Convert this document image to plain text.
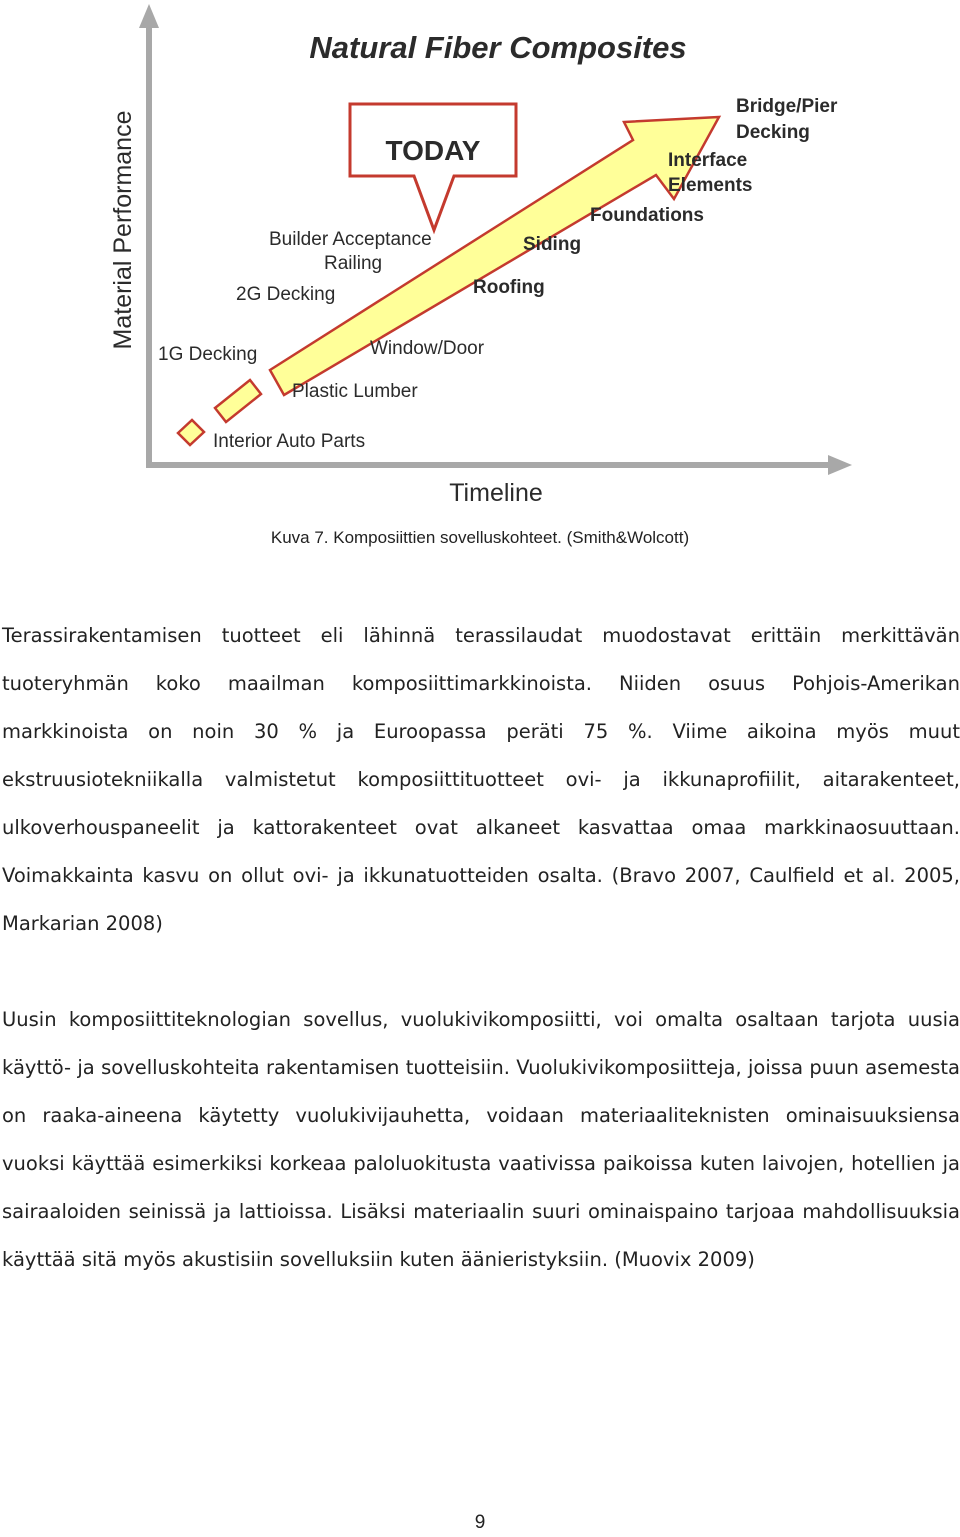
Natural Fiber Composites
Material Performance
Timeline
TODAY
Bridge/Pier
Decking
Interface
Elements
Foundations
Siding
Builder Acceptance
Railing
Roofing
2G Decking
Window/Door
1G Decking
Plastic Lumber
Interior Auto Parts
Kuva 7. Komposiittien sovelluskohteet. (Smith&Wolcott)

Terassirakentamisen tuotteet eli lähinnä terassilaudat muodostavat erittäin merkittävän tuoteryhmän koko maailman komposiittimarkkinoista. Niiden osuus Pohjois-Amerikan markkinoista on noin 30 % ja Euroopassa peräti 75 %. Viime aikoina myös muut ekstruusiotekniikalla valmistetut komposiittituotteet ovi- ja ikkunaprofiilit, aitarakenteet, ulkoverhouspaneelit ja kattorakenteet ovat alkaneet kasvattaa omaa markkinaosuuttaan. Voimakkainta kasvu on ollut ovi- ja ikkunatuotteiden osalta. (Bravo 2007, Caulfield et al. 2005, Markarian 2008)

Uusin komposiittiteknologian sovellus, vuolukivikomposiitti, voi omalta osaltaan tarjota uusia käyttö- ja sovelluskohteita rakentamisen tuotteisiin. Vuolukivikomposiitteja, joissa puun asemesta on raaka-aineena käytetty vuolukivijauhetta, voidaan materiaaliteknisten ominaisuuksiensa vuoksi käyttää esimerkiksi korkeaa paloluokitusta vaativissa paikoissa kuten laivojen, hotellien ja sairaaloiden seinissä ja lattioissa. Lisäksi materiaalin suuri ominaispaino tarjoaa mahdollisuuksia käyttää sitä myös akustisiin sovelluksiin kuten äänieristyksiin. (Muovix 2009)

9
